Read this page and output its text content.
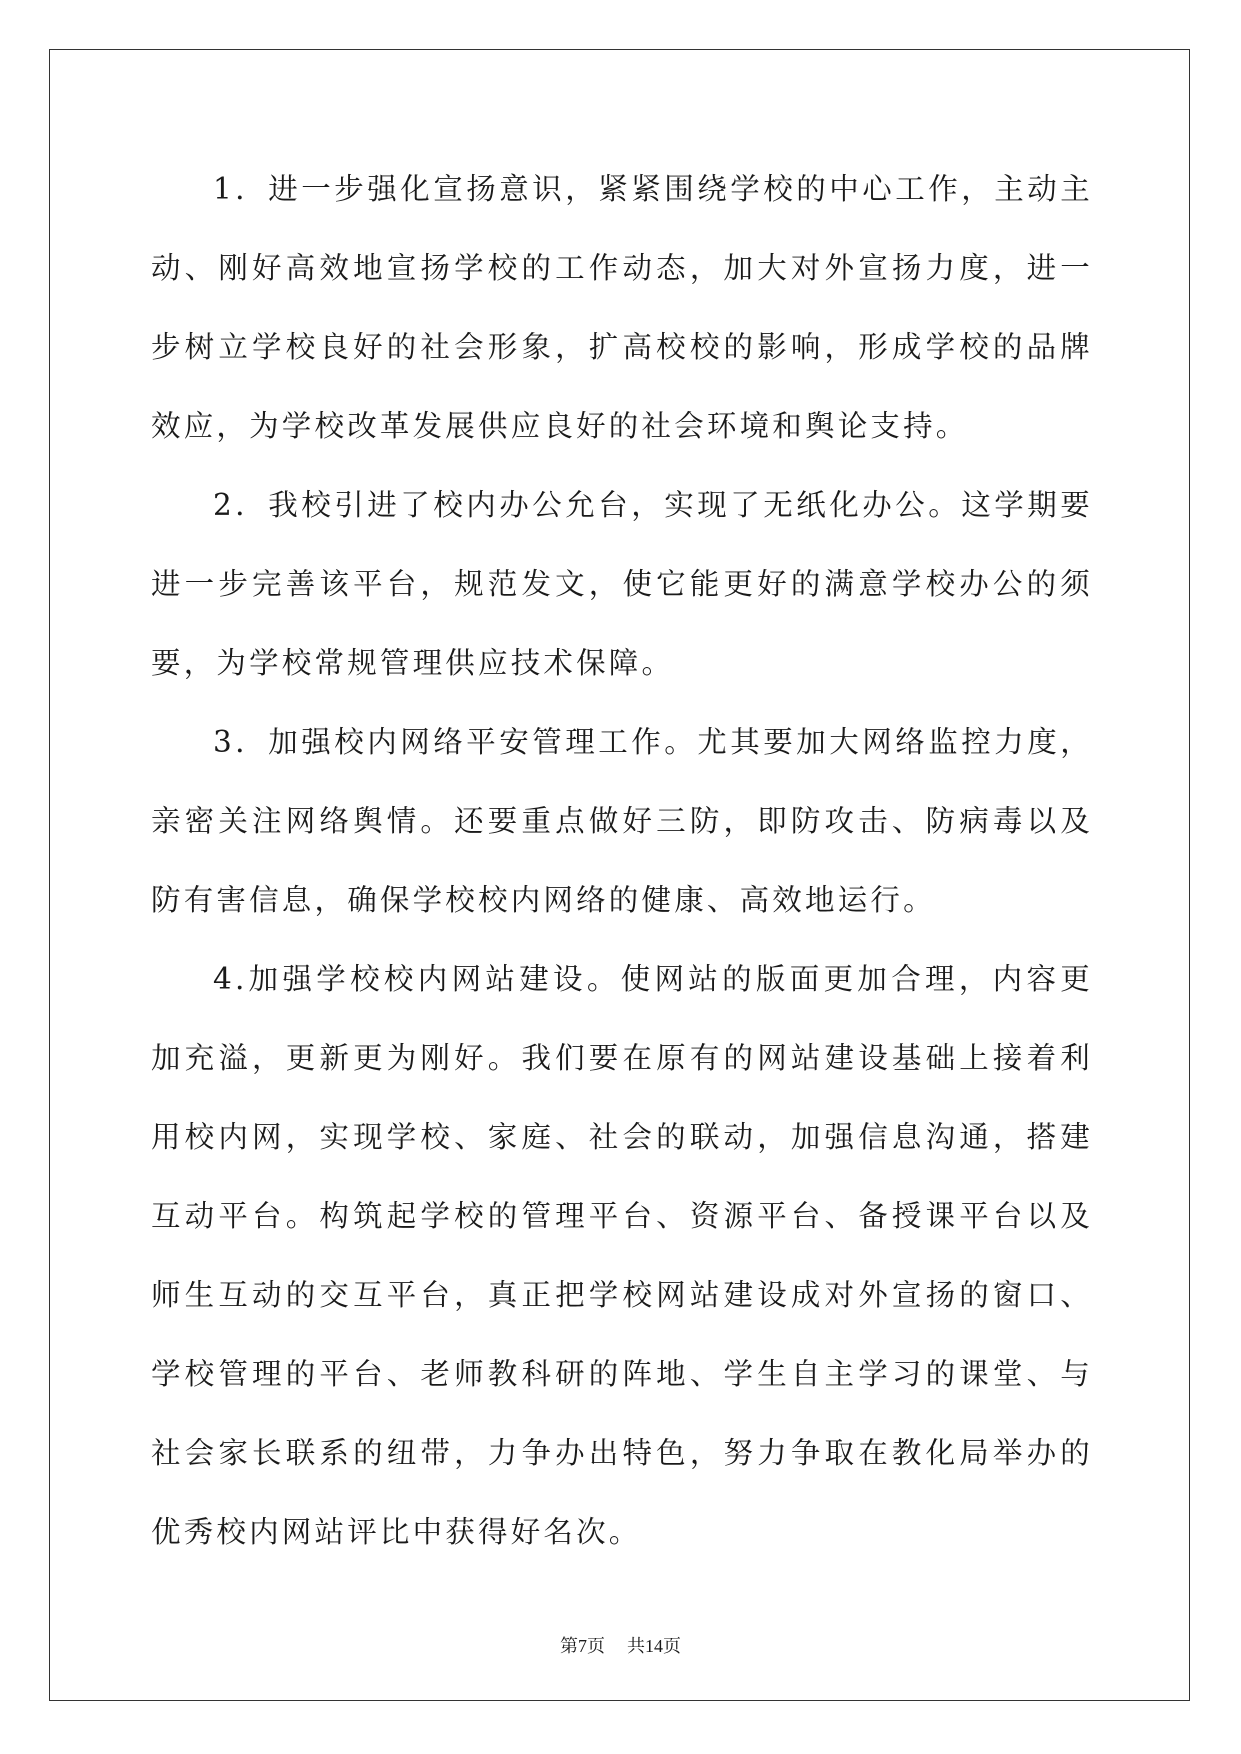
1．进一步强化宣扬意识，紧紧围绕学校的中心工作，主动主动、刚好高效地宣扬学校的工作动态，加大对外宣扬力度，进一步树立学校良好的社会形象，扩高校校的影响，形成学校的品牌效应，为学校改革发展供应良好的社会环境和舆论支持。

2．我校引进了校内办公允台，实现了无纸化办公。这学期要进一步完善该平台，规范发文，使它能更好的满意学校办公的须要，为学校常规管理供应技术保障。

3．加强校内网络平安管理工作。尤其要加大网络监控力度，亲密关注网络舆情。还要重点做好三防，即防攻击、防病毒以及防有害信息，确保学校校内网络的健康、高效地运行。

4.加强学校校内网站建设。使网站的版面更加合理，内容更加充溢，更新更为刚好。我们要在原有的网站建设基础上接着利用校内网，实现学校、家庭、社会的联动，加强信息沟通，搭建互动平台。构筑起学校的管理平台、资源平台、备授课平台以及师生互动的交互平台，真正把学校网站建设成对外宣扬的窗口、学校管理的平台、老师教科研的阵地、学生自主学习的课堂、与社会家长联系的纽带，力争办出特色，努力争取在教化局举办的优秀校内网站评比中获得好名次。

第7页 共14页
